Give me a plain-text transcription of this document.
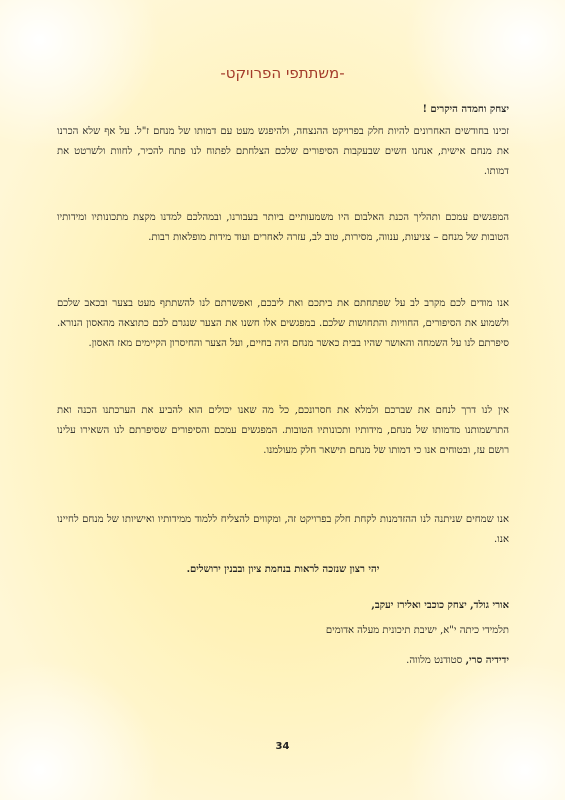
-משתתפי הפרויקט-
יצחק וחמדה היקרים !
זכינו בחודשים האחרונים להיות חלק בפרויקט ההנצחה, ולהיפגש מעט עם דמותו של מנחם ז"ל. על אף שלא הכרנו את מנחם אישית, אנחנו חשים שבעקבות הסיפורים שלכם הצלחתם לפתוח לנו פתח להכיר, לחוות ולשרטט את דמותו.
המפגשים עמכם ותהליך הכנת האלבום היו משמעותיים ביותר בעבורנו, ובמהלכם למדנו מקצת מתכונותיו ומידותיו הטובות של מנחם – צניעות, ענווה, מסירות, טוב לב, עזרה לאחרים ועוד מידות מופלאות רבות.
אנו מודים לכם מקרב לב על שפתחתם את ביתכם ואת ליבכם, ואפשרתם לנו להשתתף מעט בצער ובכאב שלכם ולשמוע את הסיפורים, החוויות והתחושות שלכם. במפגשים אלו חשנו את הצער שנגרם לכם כתוצאה מהאסון הנורא. סיפרתם לנו על השמחה והאושר שהיו בבית כאשר מנחם היה בחיים, ועל הצער והחיסרון הקיימים מאז האסון.
אין לנו דרך לנחם את שברכם ולמלא את חסרונכם, כל מה שאנו יכולים הוא להביע את הערכתנו הכנה ואת התרשמותנו מדמותו של מנחם, מידותיו ותכונותיו הטובות. המפגשים עמכם והסיפורים שסיפרתם לנו השאירו עלינו רושם עז, ובטוחים אנו כי דמותו של מנחם תישאר חלק מעולמנו.
אנו שמחים שניתנה לנו ההזדמנות לקחת חלק בפרויקט זה, ומקווים להצליח ללמוד ממידותיו ואישיותו של מנחם לחיינו אנו.
יהי רצון שנזכה לראות בנחמת ציון ובבנין ירושלים.
אורי גולד, יצחק כוכבי ואלירז יעקב,
תלמידי כיתה י"א, ישיבת תיכונית מעלה אדומים
ידידיה סרי, סטודנט מלווה.
34
